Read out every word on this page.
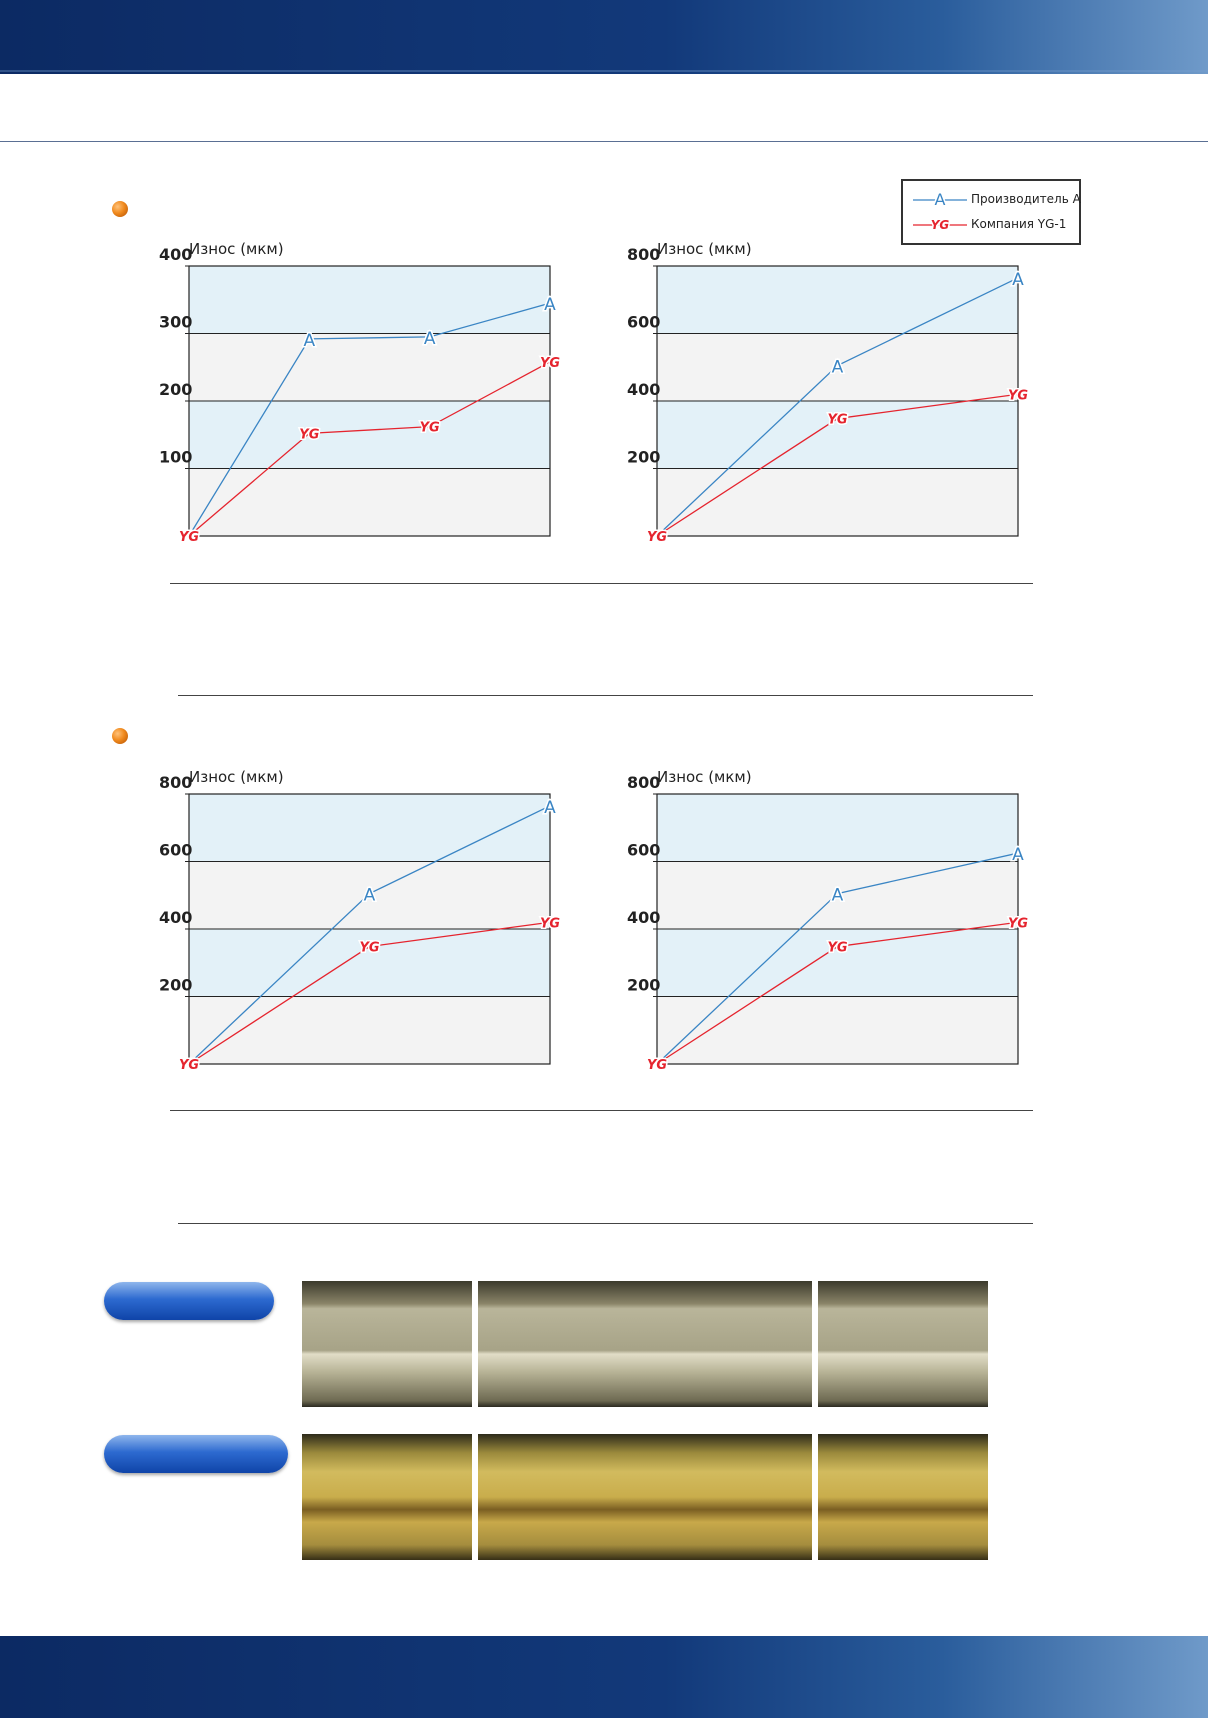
A Производитель A
YG Компания YG-1
100
200
300
400
Износ (мкм)
A	A
A
YG
YG	YG
YG
200
400
600
800
Износ (мкм)
A
A
YG
YG
YG
200
400
600
800
Износ (мкм)
A
A
YG
YG
YG
200
400
600
800
Износ (мкм)
A
A
YG
YG
YG
